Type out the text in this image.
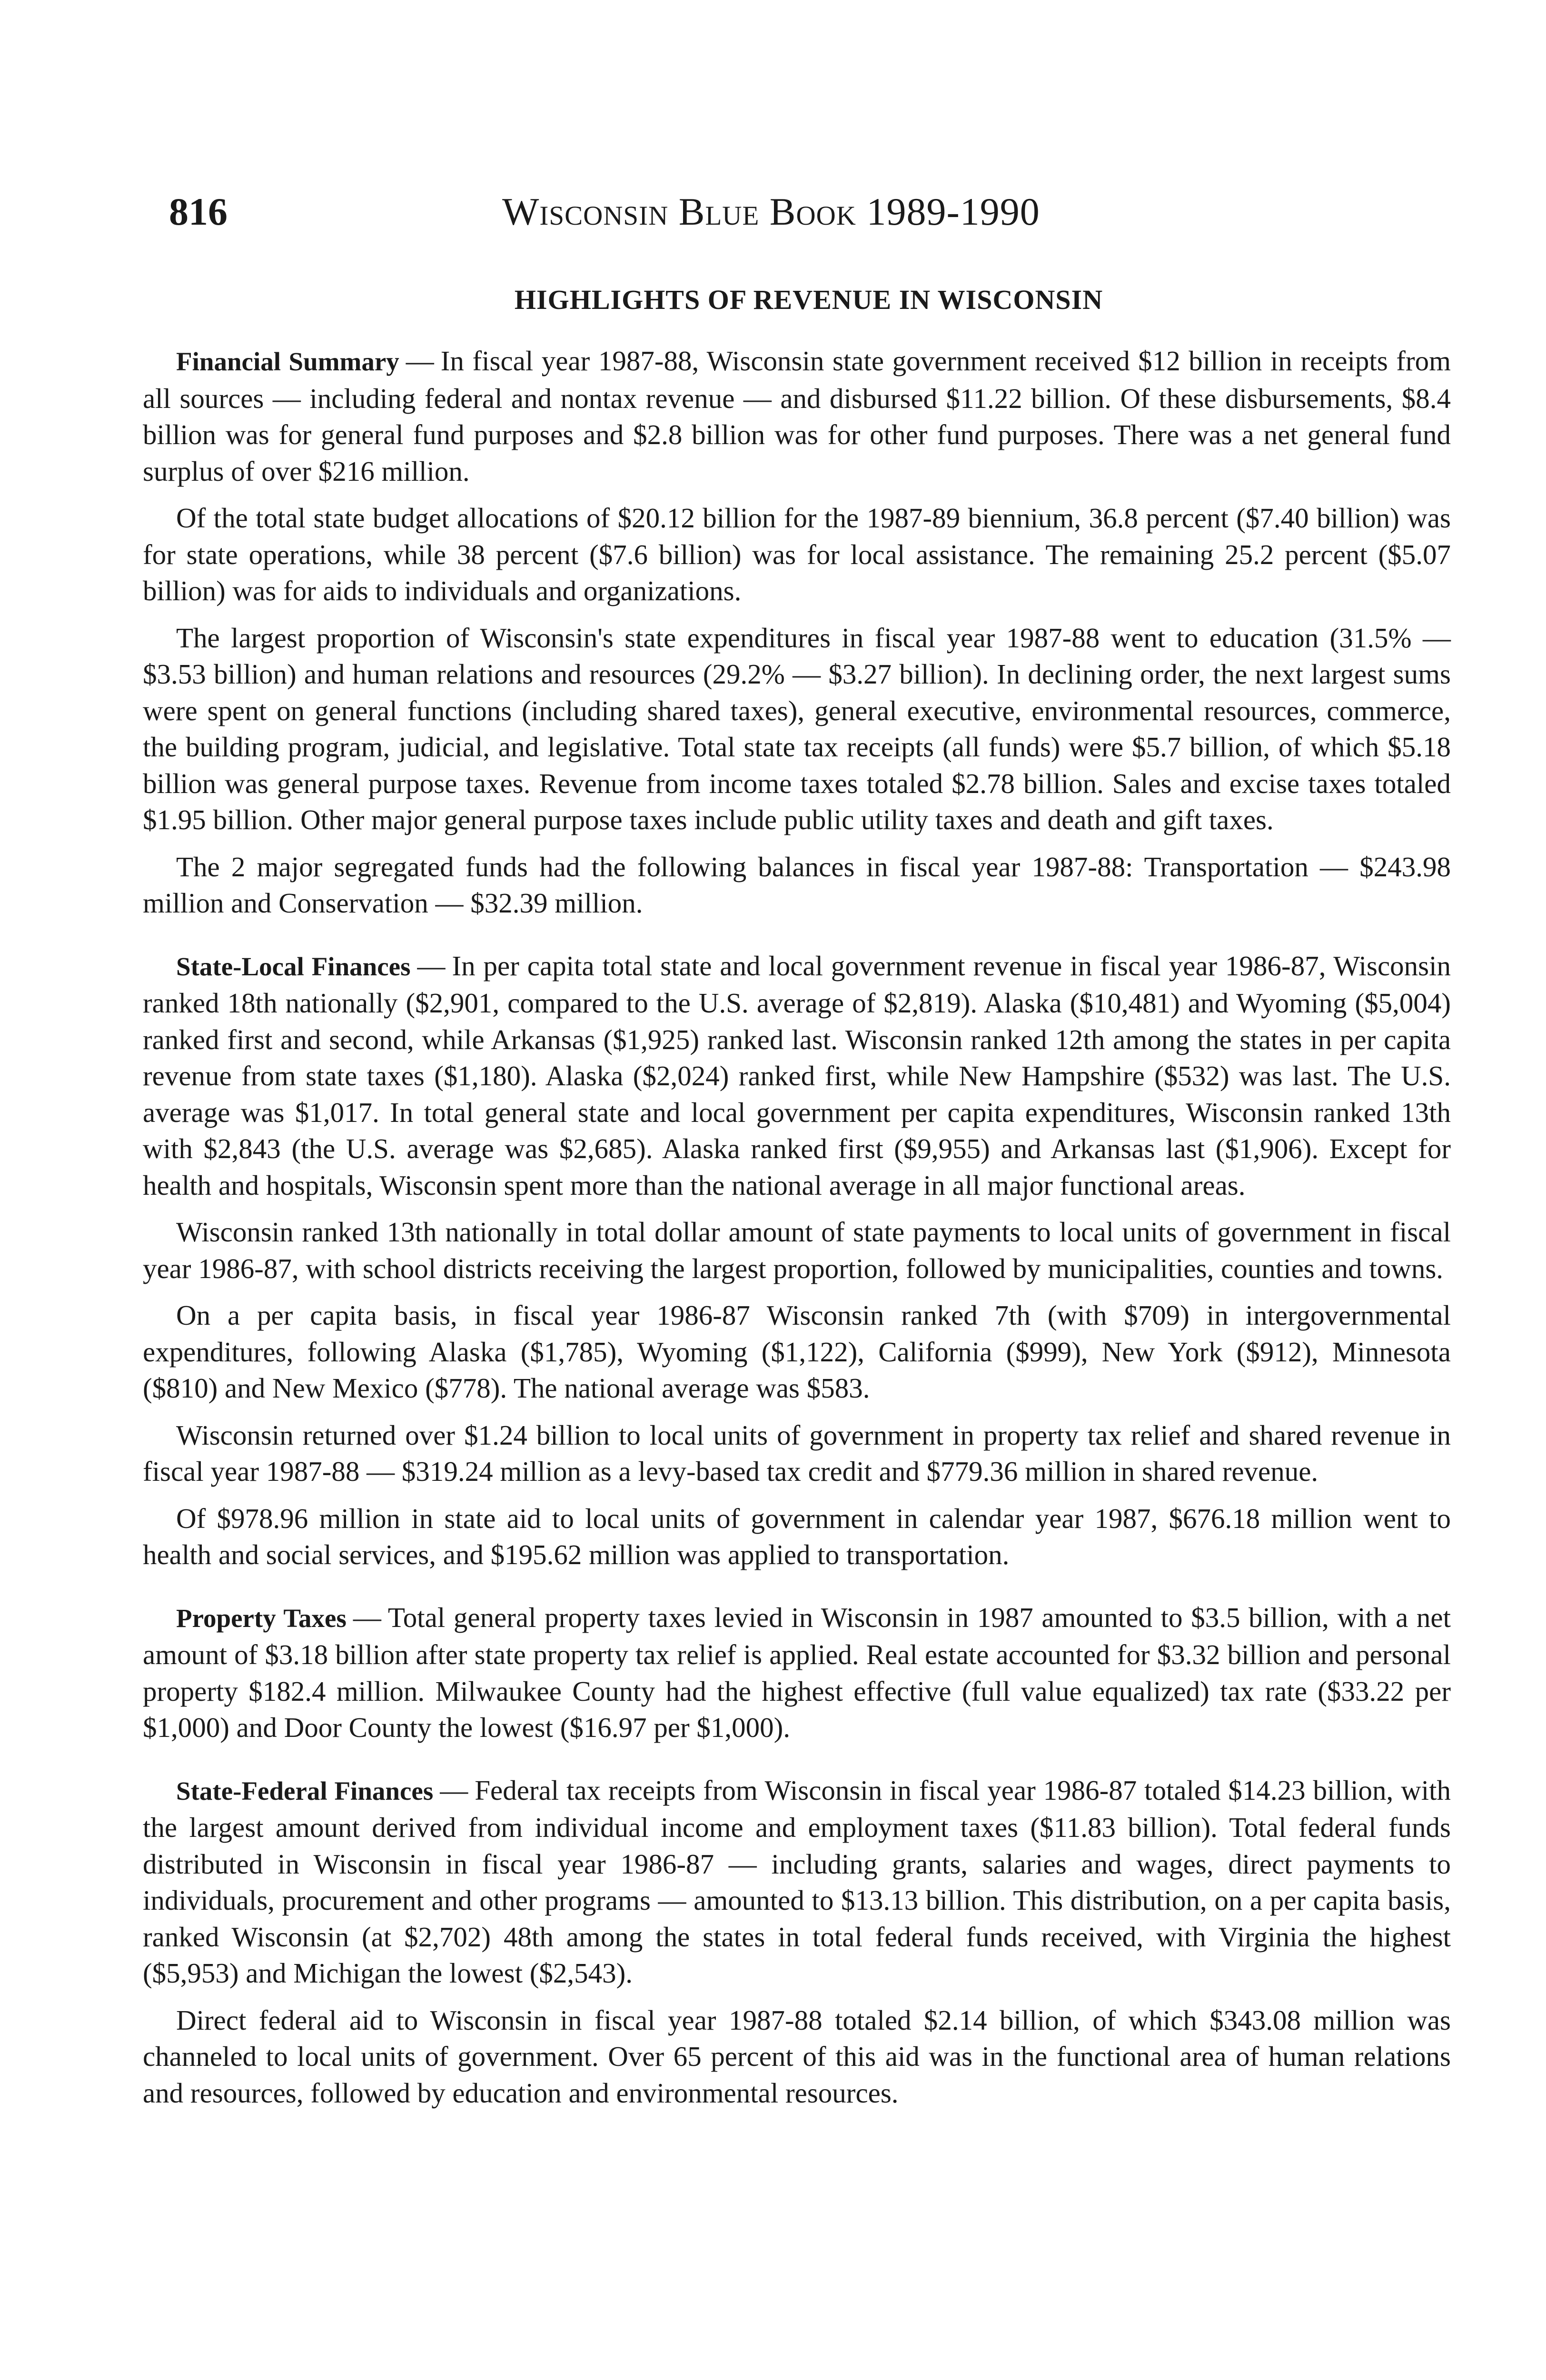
816	Wisconsin Blue Book 1989-1990
HIGHLIGHTS OF REVENUE IN WISCONSIN

Financial Summary — In fiscal year 1987-88, Wisconsin state government received $12 billion in receipts from all sources — including federal and nontax revenue — and disbursed $11.22 billion. Of these disbursements, $8.4 billion was for general fund purposes and $2.8 billion was for other fund purposes. There was a net general fund surplus of over $216 million.

Of the total state budget allocations of $20.12 billion for the 1987-89 biennium, 36.8 percent ($7.40 billion) was for state operations, while 38 percent ($7.6 billion) was for local assistance. The remaining 25.2 percent ($5.07 billion) was for aids to individuals and organizations.

The largest proportion of Wisconsin's state expenditures in fiscal year 1987-88 went to education (31.5% — $3.53 billion) and human relations and resources (29.2% — $3.27 billion). In declining order, the next largest sums were spent on general functions (including shared taxes), general executive, environmental resources, commerce, the building program, judicial, and legislative. Total state tax receipts (all funds) were $5.7 billion, of which $5.18 billion was general purpose taxes. Revenue from income taxes totaled $2.78 billion. Sales and excise taxes totaled $1.95 billion. Other major general purpose taxes include public utility taxes and death and gift taxes.

The 2 major segregated funds had the following balances in fiscal year 1987-88: Transportation — $243.98 million and Conservation — $32.39 million.

State-Local Finances — In per capita total state and local government revenue in fiscal year 1986-87, Wisconsin ranked 18th nationally ($2,901, compared to the U.S. average of $2,819). Alaska ($10,481) and Wyoming ($5,004) ranked first and second, while Arkansas ($1,925) ranked last. Wisconsin ranked 12th among the states in per capita revenue from state taxes ($1,180). Alaska ($2,024) ranked first, while New Hampshire ($532) was last. The U.S. average was $1,017. In total general state and local government per capita expenditures, Wisconsin ranked 13th with $2,843 (the U.S. average was $2,685). Alaska ranked first ($9,955) and Arkansas last ($1,906). Except for health and hospitals, Wisconsin spent more than the national average in all major functional areas.

Wisconsin ranked 13th nationally in total dollar amount of state payments to local units of government in fiscal year 1986-87, with school districts receiving the largest proportion, followed by municipalities, counties and towns.

On a per capita basis, in fiscal year 1986-87 Wisconsin ranked 7th (with $709) in intergovernmental expenditures, following Alaska ($1,785), Wyoming ($1,122), California ($999), New York ($912), Minnesota ($810) and New Mexico ($778). The national average was $583.

Wisconsin returned over $1.24 billion to local units of government in property tax relief and shared revenue in fiscal year 1987-88 — $319.24 million as a levy-based tax credit and $779.36 million in shared revenue.

Of $978.96 million in state aid to local units of government in calendar year 1987, $676.18 million went to health and social services, and $195.62 million was applied to transportation.

Property Taxes — Total general property taxes levied in Wisconsin in 1987 amounted to $3.5 billion, with a net amount of $3.18 billion after state property tax relief is applied. Real estate accounted for $3.32 billion and personal property $182.4 million. Milwaukee County had the highest effective (full value equalized) tax rate ($33.22 per $1,000) and Door County the lowest ($16.97 per $1,000).

State-Federal Finances — Federal tax receipts from Wisconsin in fiscal year 1986-87 totaled $14.23 billion, with the largest amount derived from individual income and employment taxes ($11.83 billion). Total federal funds distributed in Wisconsin in fiscal year 1986-87 — including grants, salaries and wages, direct payments to individuals, procurement and other programs — amounted to $13.13 billion. This distribution, on a per capita basis, ranked Wisconsin (at $2,702) 48th among the states in total federal funds received, with Virginia the highest ($5,953) and Michigan the lowest ($2,543).

Direct federal aid to Wisconsin in fiscal year 1987-88 totaled $2.14 billion, of which $343.08 million was channeled to local units of government. Over 65 percent of this aid was in the functional area of human relations and resources, followed by education and environmental resources.
